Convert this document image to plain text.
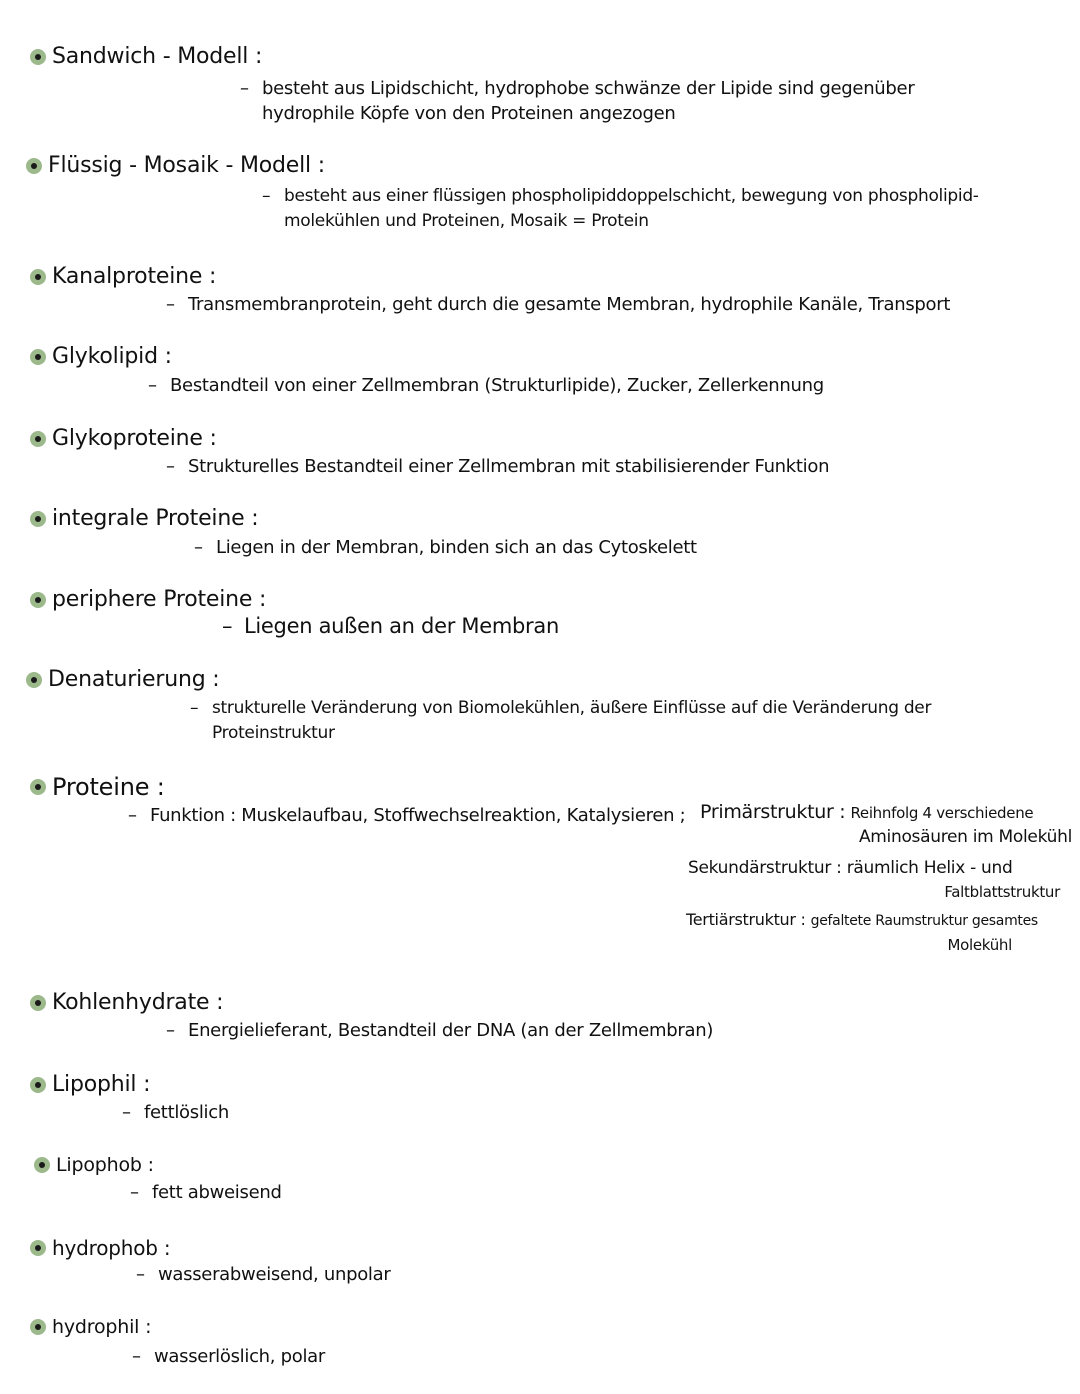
Sandwich - Modell :
– besteht aus Lipidschicht, hydrophobe schwänze der Lipide sind gegenüber
hydrophile Köpfe von den Proteinen angezogen
Flüssig - Mosaik - Modell :
– besteht aus einer flüssigen phospholipiddoppelschicht, bewegung von phospholipid-
molekühlen und Proteinen, Mosaik = Protein
Kanalproteine :
– Transmembranprotein, geht durch die gesamte Membran, hydrophile Kanäle, Transport
Glykolipid :
– Bestandteil von einer Zellmembran (Strukturlipide), Zucker, Zellerkennung
Glykoproteine :
– Strukturelles Bestandteil einer Zellmembran mit stabilisierender Funktion
integrale Proteine :
– Liegen in der Membran, binden sich an das Cytoskelett
periphere Proteine :
– Liegen außen an der Membran
Denaturierung :
– strukturelle Veränderung von Biomolekühlen, äußere Einflüsse auf die Veränderung der
Proteinstruktur
Proteine :
– Funktion : Muskelaufbau, Stoffwechselreaktion, Katalysieren ; Primärstruktur : Reihnfolg 4 verschiedene
Aminosäuren im Molekühl
Sekundärstruktur : räumlich Helix - und
Faltblattstruktur
Tertiärstruktur : gefaltete Raumstruktur gesamtes
Molekühl
Kohlenhydrate :
– Energielieferant, Bestandteil der DNA (an der Zellmembran)
Lipophil :
– fettlöslich
Lipophob :
– fett abweisend
hydrophob :
– wasserabweisend, unpolar
hydrophil :
– wasserlöslich, polar
